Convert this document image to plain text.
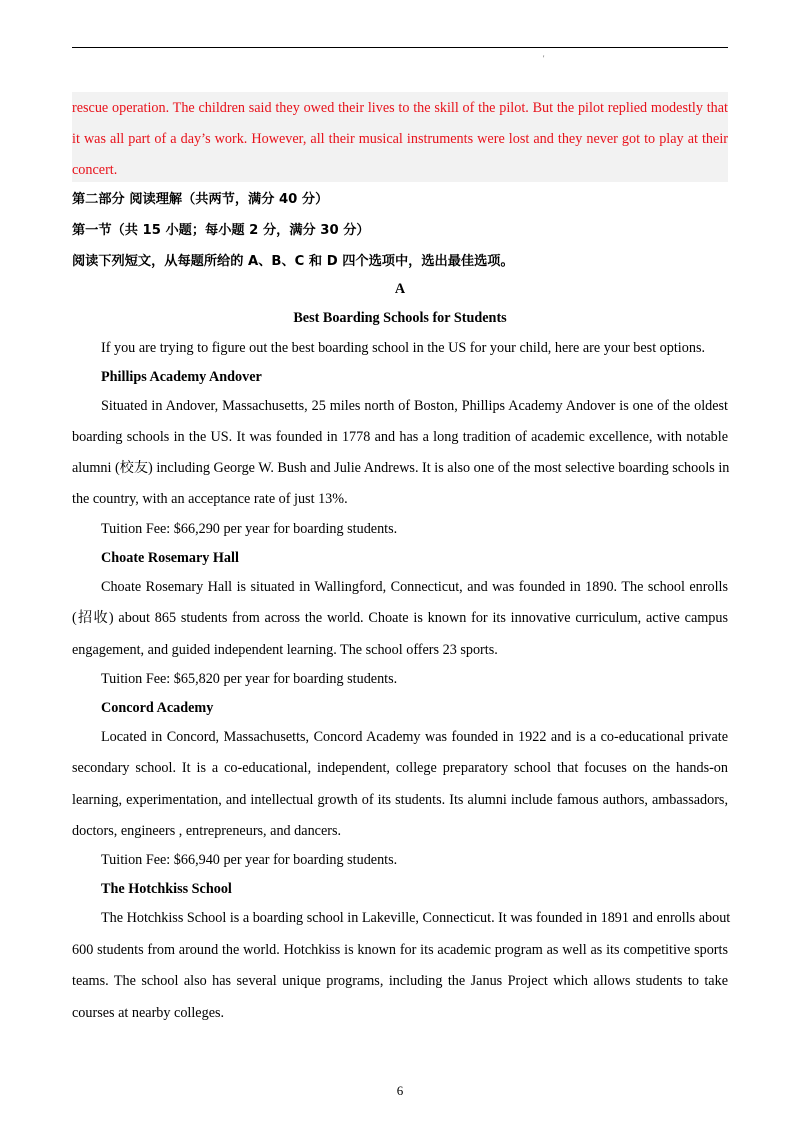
'
rescue operation. The children said they owed their lives to the skill of the pilot. But the pilot replied modestly that
it was all part of a day’s work. However, all their musical instruments were lost and they never got to play at their
concert.
第二部分 阅读理解（共两节，满分 40 分）
第一节（共 15 小题；每小题 2 分，满分 30 分）
阅读下列短文，从每题所给的 A、B、C 和 D 四个选项中，选出最佳选项。
A
Best Boarding Schools for Students
If you are trying to figure out the best boarding school in the US for your child, here are your best options.
Phillips Academy Andover
Situated in Andover, Massachusetts, 25 miles north of Boston, Phillips Academy Andover is one of the oldest
boarding schools in the US. It was founded in 1778 and has a long tradition of academic excellence, with notable
alumni (校友) including George W. Bush and Julie Andrews. It is also one of the most selective boarding schools in
the country, with an acceptance rate of just 13%.
Tuition Fee: $66,290 per year for boarding students.
Choate Rosemary Hall
Choate Rosemary Hall is situated in Wallingford, Connecticut, and was founded in 1890. The school enrolls
(招收) about 865 students from across the world. Choate is known for its innovative curriculum, active campus
engagement, and guided independent learning. The school offers 23 sports.
Tuition Fee: $65,820 per year for boarding students.
Concord Academy
Located in Concord, Massachusetts, Concord Academy was founded in 1922 and is a co-educational private
secondary school. It is a co-educational, independent, college preparatory school that focuses on the hands-on
learning, experimentation, and intellectual growth of its students. Its alumni include famous authors, ambassadors,
doctors, engineers , entrepreneurs, and dancers.
Tuition Fee: $66,940 per year for boarding students.
The Hotchkiss School
The Hotchkiss School is a boarding school in Lakeville, Connecticut. It was founded in 1891 and enrolls about
600 students from around the world. Hotchkiss is known for its academic program as well as its competitive sports
teams. The school also has several unique programs, including the Janus Project which allows students to take
courses at nearby colleges.
6
